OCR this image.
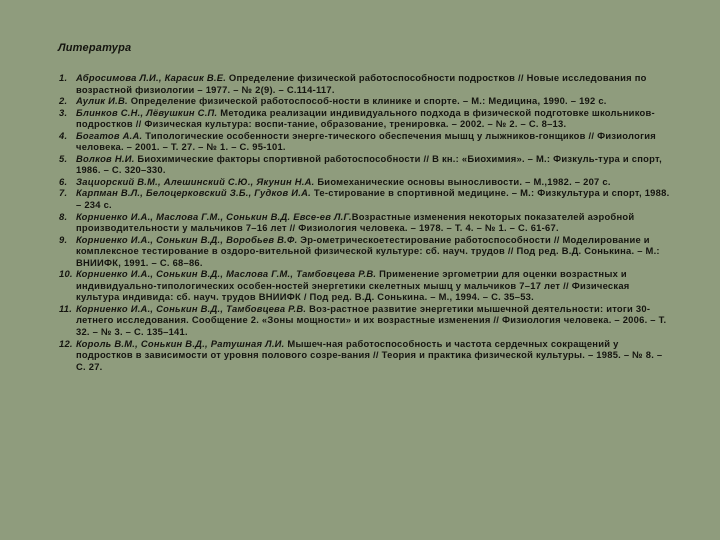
Литература
1. Абросимова Л.И., Карасик В.Е. Определение физической работоспособности подростков // Новые исследования по возрастной физиологии – 1977. – № 2(9). – С.114-117.
2. Аулик И.В. Определение физической работоспособ-ности в клинике и спорте. – М.: Медицина, 1990. – 192 с.
3. Блинков С.Н., Лёвушкин С.П. Методика реализации индивидуального подхода в физической подготовке школьников-подростков // Физическая культура: воспи-тание, образование, тренировка. – 2002. – № 2. – С. 8–13.
4. Богатов А.А. Типологические особенности энерге-тического обеспечения мышц у лыжников-гонщиков // Физиология человека. – 2001. – Т. 27. – № 1. – С. 95-101.
5. Волков Н.И. Биохимические факторы спортивной работоспособности // В кн.: «Биохимия». – М.: Физкуль-тура и спорт, 1986. – С. 320–330.
6. Зациорский В.М., Алешинский С.Ю., Якунин Н.А. Биомеханические основы выносливости. – М.,1982. – 207 с.
7. Карпман В.Л., Белоцерковский З.Б., Гудков И.А. Те-стирование в спортивной медицине. – М.: Физкультура и спорт, 1988. – 234 с.
8. Корниенко И.А., Маслова Г.М., Сонькин В.Д. Евсе-ев Л.Г.Возрастные изменения некоторых показателей аэробной производительности у мальчиков 7–16 лет // Физиология человека. – 1978. – Т. 4. – № 1. – С. 61-67.
9. Корниенко И.А., Сонькин В.Д., Воробьев В.Ф. Эр-ометрическоетестирование работоспособности // Моделирование и комплексное тестирование в оздоро-вительной физической культуре: сб. науч. трудов // Под ред. В.Д. Сонькина. – М.: ВНИИФК, 1991. – С. 68–86.
10. Корниенко И.А., Сонькин В.Д., Маслова Г.М., Тамбовцева Р.В. Применение эргометрии для оценки возрастных и индивидуально-типологических особен-ностей энергетики скелетных мышц у мальчиков 7–17 лет // Физическая культура индивида: сб. науч. трудов ВНИИФК / Под ред. В.Д. Сонькина. – М., 1994. – С. 35–53.
11. Корниенко И.А., Сонькин В.Д., Тамбовцева Р.В. Воз-растное развитие энергетики мышечной деятельности: итоги 30-летнего исследования. Сообщение 2. «Зоны мощности» и их возрастные изменения // Физиология человека. – 2006. – Т. 32. – № 3. – С. 135–141.
12. Король В.М., Сонькин В.Д., Ратушная Л.И. Мышеч-ная работоспособность и частота сердечных сокращений у подростков в зависимости от уровня полового созре-вания // Теория и практика физической культуры. – 1985. – № 8. – С. 27.
